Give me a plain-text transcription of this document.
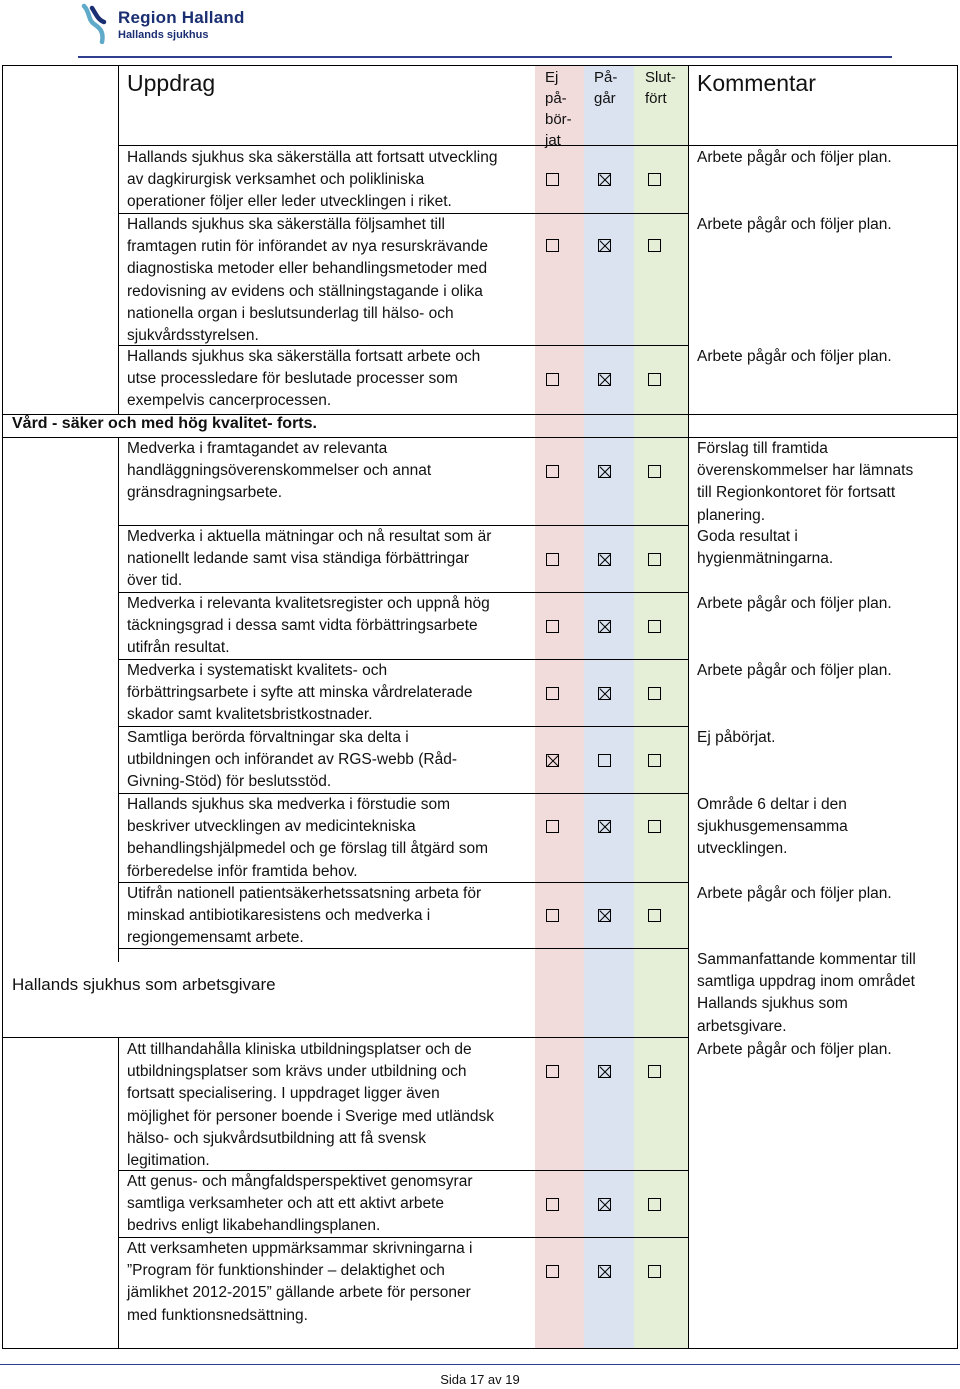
Region Halland
Hallands sjukhus
Uppdrag	Ej
på-
bör-
jat
På-
går
Slut-
fört
Kommentar
Vård - säker och med hög kvalitet- forts.
Hallands sjukhus som arbetsgivare
Hallands sjukhus ska säkerställa att fortsatt utveckling
av dagkirurgisk verksamhet och polikliniska
operationer följer eller leder utvecklingen i riket.
Arbete pågår och följer plan.
Hallands sjukhus ska säkerställa följsamhet till
framtagen rutin för införandet av nya resurskrävande
diagnostiska metoder eller behandlingsmetoder med
redovisning av evidens och ställningstagande i olika
nationella organ i beslutsunderlag till hälso- och
sjukvårdsstyrelsen.
Arbete pågår och följer plan.
Hallands sjukhus ska säkerställa fortsatt arbete och
utse processledare för beslutade processer som
exempelvis cancerprocessen.
Arbete pågår och följer plan.
Medverka i framtagandet av relevanta
handläggningsöverenskommelser och annat
gränsdragningsarbete.
Förslag till framtida
överenskommelser har lämnats
till Regionkontoret för fortsatt
planering.
Medverka i aktuella mätningar och nå resultat som är
nationellt ledande samt visa ständiga förbättringar
över tid.
Goda resultat i
hygienmätningarna.
Medverka i relevanta kvalitetsregister och uppnå hög
täckningsgrad i dessa samt vidta förbättringsarbete
utifrån resultat.
Arbete pågår och följer plan.
Medverka i systematiskt kvalitets- och
förbättringsarbete i syfte att minska vårdrelaterade
skador samt kvalitetsbristkostnader.
Arbete pågår och följer plan.
Samtliga berörda förvaltningar ska delta i
utbildningen och införandet av RGS-webb (Råd-
Givning-Stöd) för beslutsstöd.
Ej påbörjat.
Hallands sjukhus ska medverka i förstudie som
beskriver utvecklingen av medicintekniska
behandlingshjälpmedel och ge förslag till åtgärd som
förberedelse inför framtida behov.
Område 6 deltar i den
sjukhusgemensamma
utvecklingen.
Utifrån nationell patientsäkerhetssatsning arbeta för
minskad antibiotikaresistens och medverka i
regiongemensamt arbete.
Arbete pågår och följer plan.
Sammanfattande kommentar till
samtliga uppdrag inom området
Hallands sjukhus som
arbetsgivare.
Att tillhandahålla kliniska utbildningsplatser och de
utbildningsplatser som krävs under utbildning och
fortsatt specialisering. I uppdraget ligger även
möjlighet för personer boende i Sverige med utländsk
hälso- och sjukvårdsutbildning att få svensk
legitimation.
Arbete pågår och följer plan.
Att genus- och mångfaldsperspektivet genomsyrar
samtliga verksamheter och att ett aktivt arbete
bedrivs enligt likabehandlingsplanen.
Att verksamheten uppmärksammar skrivningarna i
”Program för funktionshinder – delaktighet och
jämlikhet 2012-2015” gällande arbete för personer
med funktionsnedsättning.
Sida 17 av 19
